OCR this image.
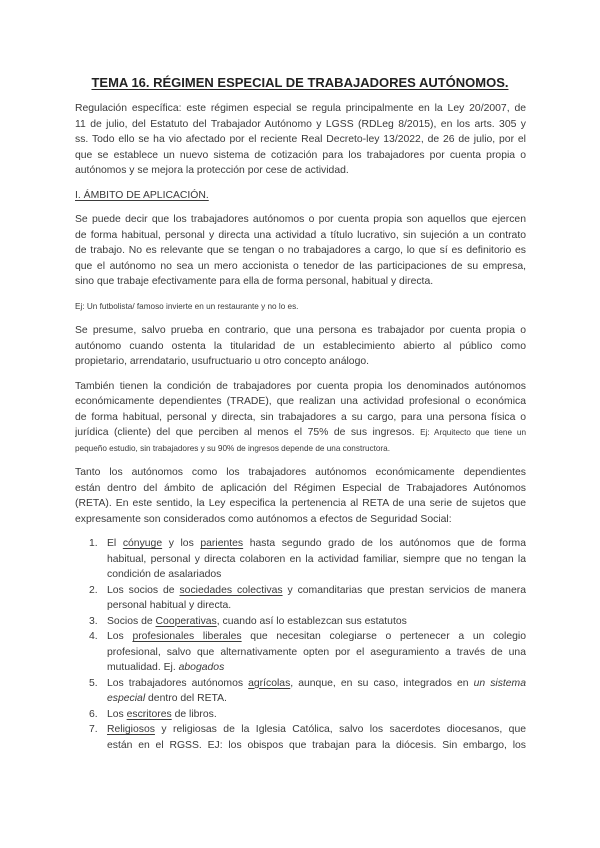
TEMA 16. RÉGIMEN ESPECIAL DE TRABAJADORES AUTÓNOMOS.
Regulación específica: este régimen especial se regula principalmente en la Ley 20/2007, de
11 de julio, del Estatuto del Trabajador Autónomo y LGSS (RDLeg 8/2015), en los arts. 305 y
ss. Todo ello se ha vio afectado por el reciente Real Decreto-ley 13/2022, de 26 de julio, por el
que se establece un nuevo sistema de cotización para los trabajadores por cuenta propia o
autónomos y se mejora la protección por cese de actividad.
I. ÁMBITO DE APLICACIÓN.
Se puede decir que los trabajadores autónomos o por cuenta propia son aquellos que ejercen
de forma habitual, personal y directa una actividad a título lucrativo, sin sujeción a un contrato
de trabajo. No es relevante que se tengan o no trabajadores a cargo, lo que sí es definitorio es
que el autónomo no sea un mero accionista o tenedor de las participaciones de su empresa,
sino que trabaje efectivamente para ella de forma personal, habitual y directa.
Ej: Un futbolista/ famoso invierte en un restaurante y no lo es.
Se presume, salvo prueba en contrario, que una persona es trabajador por cuenta propia o
autónomo cuando ostenta la titularidad de un establecimiento abierto al público como
propietario, arrendatario, usufructuario u otro concepto análogo.
También tienen la condición de trabajadores por cuenta propia los denominados autónomos
económicamente dependientes (TRADE), que realizan una actividad profesional o económica
de forma habitual, personal y directa, sin trabajadores a su cargo, para una persona física o
jurídica (cliente) del que perciben al menos el 75% de sus ingresos. Ej: Arquitecto que tiene un
pequeño estudio, sin trabajadores y su 90% de ingresos depende de una constructora.
Tanto los autónomos como los trabajadores autónomos económicamente dependientes
están dentro del ámbito de aplicación del Régimen Especial de Trabajadores Autónomos
(RETA). En este sentido, la Ley especifica la pertenencia al RETA de una serie de sujetos que
expresamente son considerados como autónomos a efectos de Seguridad Social:
1. El cónyuge y los parientes hasta segundo grado de los autónomos que de forma
habitual, personal y directa colaboren en la actividad familiar, siempre que no tengan la
condición de asalariados
2. Los socios de sociedades colectivas y comanditarias que prestan servicios de manera
personal habitual y directa.
3. Socios de Cooperativas, cuando así lo establezcan sus estatutos
4. Los profesionales liberales que necesitan colegiarse o pertenecer a un colegio
profesional, salvo que alternativamente opten por el aseguramiento a través de una
mutualidad. Ej. abogados
5. Los trabajadores autónomos agrícolas, aunque, en su caso, integrados en un sistema
especial dentro del RETA.
6. Los escritores de libros.
7. Religiosos y religiosas de la Iglesia Católica, salvo los sacerdotes diocesanos, que
están en el RGSS. EJ: los obispos que trabajan para la diócesis. Sin embargo, los
